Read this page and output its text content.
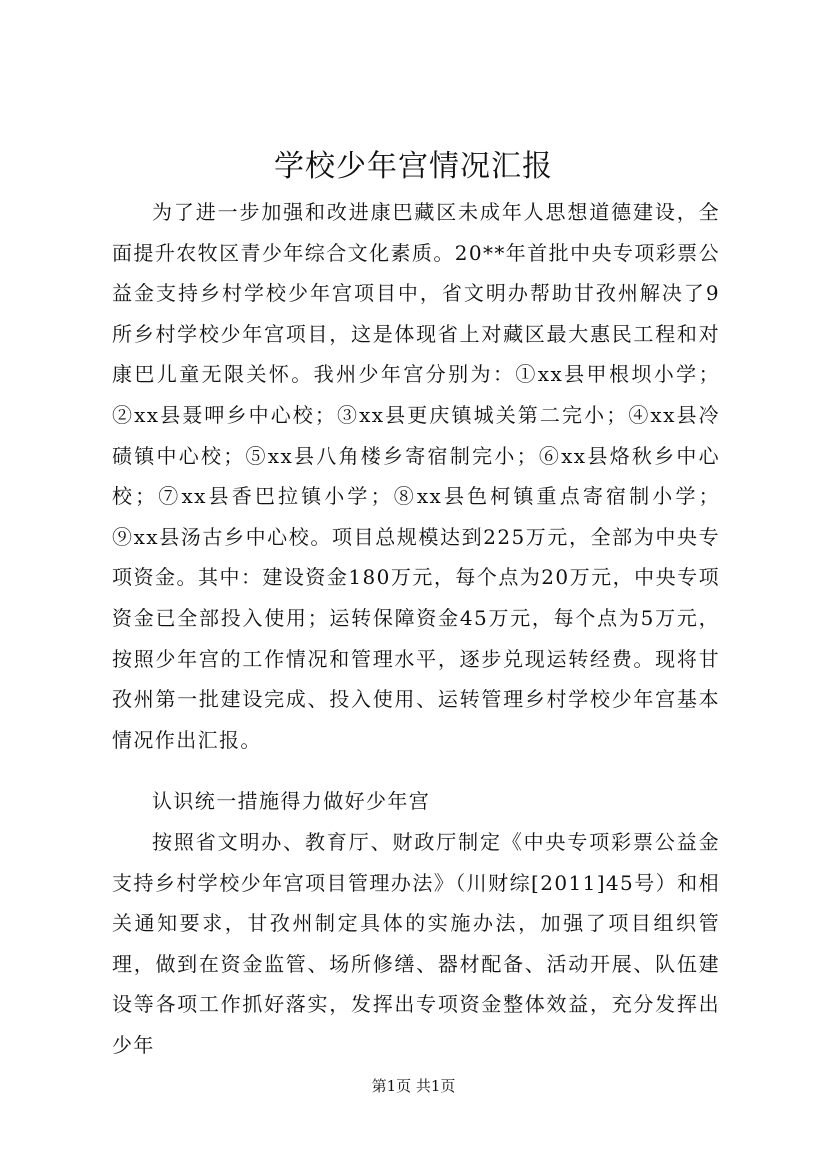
学校少年宫情况汇报

为了进一步加强和改进康巴藏区未成年人思想道德建设，全面提升农牧区青少年综合文化素质。20**年首批中央专项彩票公益金支持乡村学校少年宫项目中，省文明办帮助甘孜州解决了9所乡村学校少年宫项目，这是体现省上对藏区最大惠民工程和对康巴儿童无限关怀。我州少年宫分别为：①xx县甲根坝小学；②xx县聂呷乡中心校；③xx县更庆镇城关第二完小；④xx县冷碛镇中心校；⑤xx县八角楼乡寄宿制完小；⑥xx县烙秋乡中心校；⑦xx县香巴拉镇小学；⑧xx县色柯镇重点寄宿制小学；⑨xx县汤古乡中心校。项目总规模达到225万元，全部为中央专项资金。其中：建设资金180万元，每个点为20万元，中央专项资金已全部投入使用；运转保障资金45万元，每个点为5万元，按照少年宫的工作情况和管理水平，逐步兑现运转经费。现将甘孜州第一批建设完成、投入使用、运转管理乡村学校少年宫基本情况作出汇报。

认识统一措施得力做好少年宫

按照省文明办、教育厅、财政厅制定《中央专项彩票公益金支持乡村学校少年宫项目管理办法》（川财综[2011]45号）和相关通知要求，甘孜州制定具体的实施办法，加强了项目组织管理，做到在资金监管、场所修缮、器材配备、活动开展、队伍建设等各项工作抓好落实，发挥出专项资金整体效益，充分发挥出少年

第1页 共1页
